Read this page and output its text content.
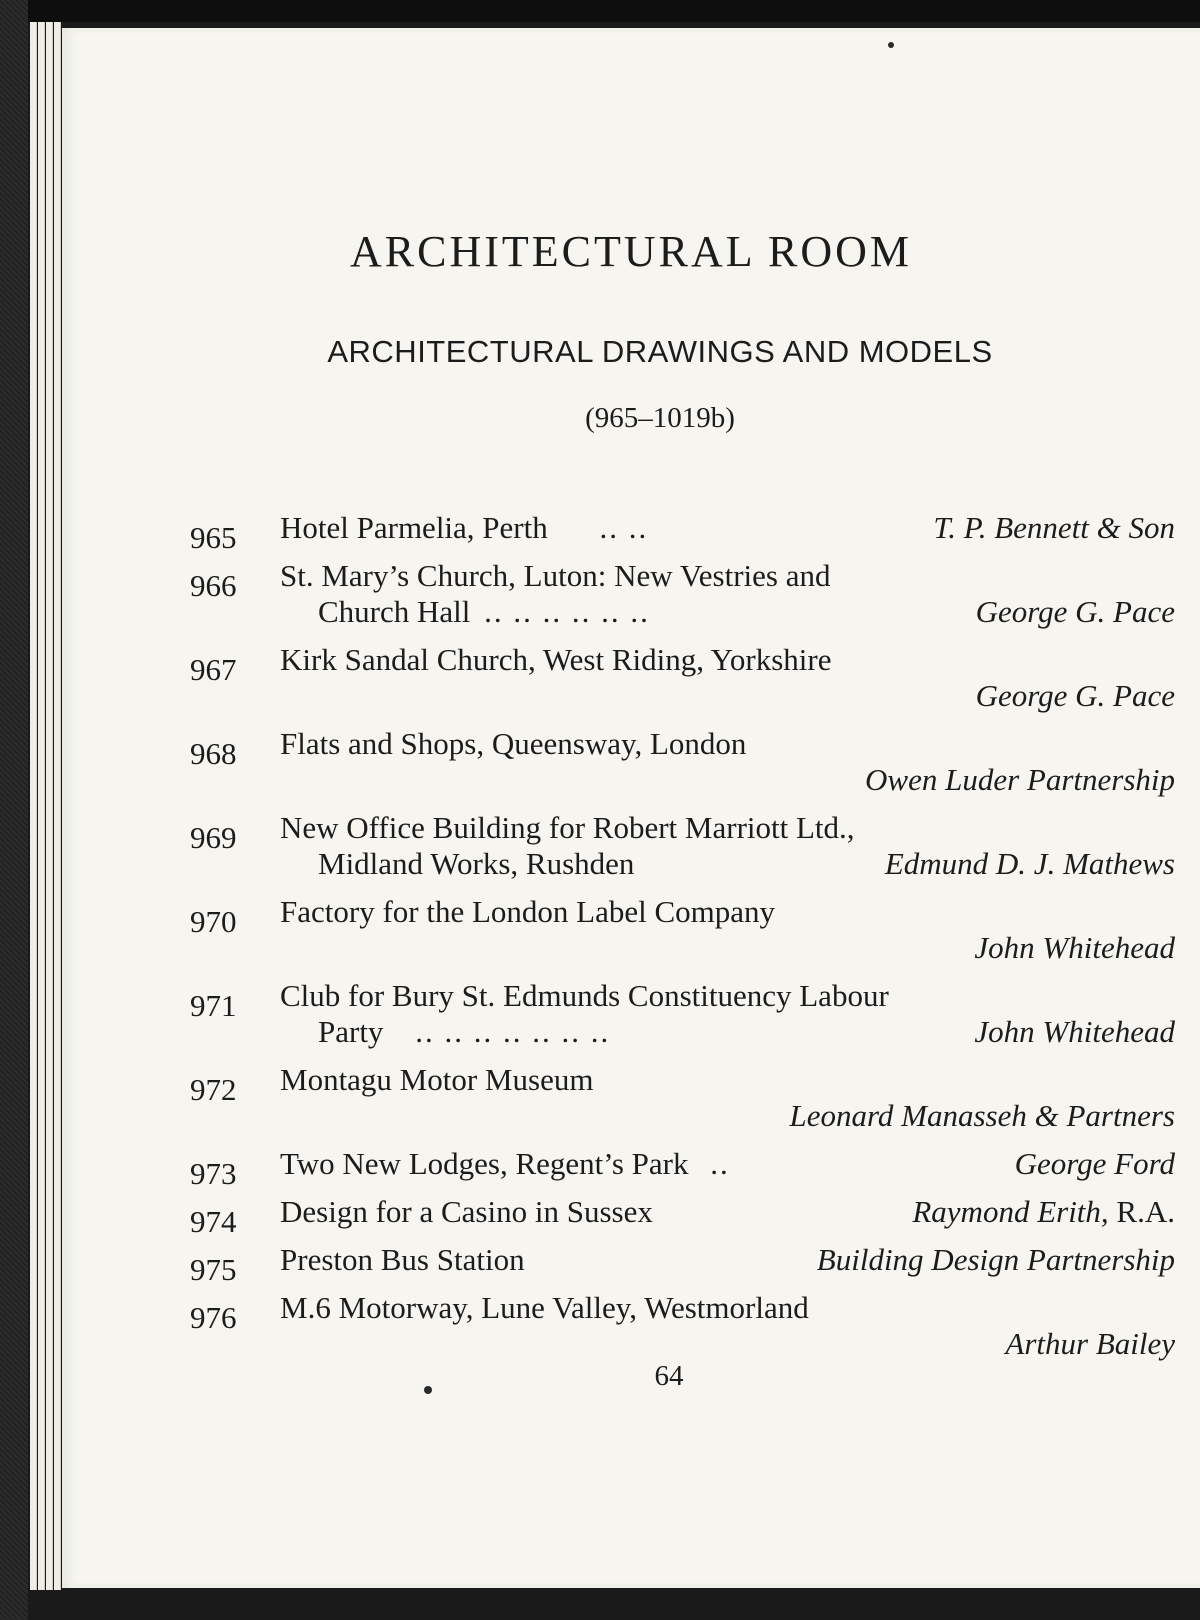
ARCHITECTURAL ROOM
ARCHITECTURAL DRAWINGS AND MODELS
(965–1019b)
965	Hotel Parmelia, Perth .. ..	T. P. Bennett & Son
966	St. Mary’s Church, Luton: New Vestries and
Church Hall .. .. .. .. .. ..	George G. Pace
967	Kirk Sandal Church, West Riding, Yorkshire
George G. Pace
968	Flats and Shops, Queensway, London
Owen Luder Partnership
969	New Office Building for Robert Marriott Ltd.,
Midland Works, Rushden	Edmund D. J. Mathews
970	Factory for the London Label Company
John Whitehead
971	Club for Bury St. Edmunds Constituency Labour
Party .. .. .. .. .. .. ..	John Whitehead
972	Montagu Motor Museum
Leonard Manasseh & Partners
973	Two New Lodges, Regent’s Park ..	George Ford
974	Design for a Casino in Sussex	Raymond Erith, R.A.
975	Preston Bus Station	Building Design Partnership
976	M.6 Motorway, Lune Valley, Westmorland
Arthur Bailey
64
